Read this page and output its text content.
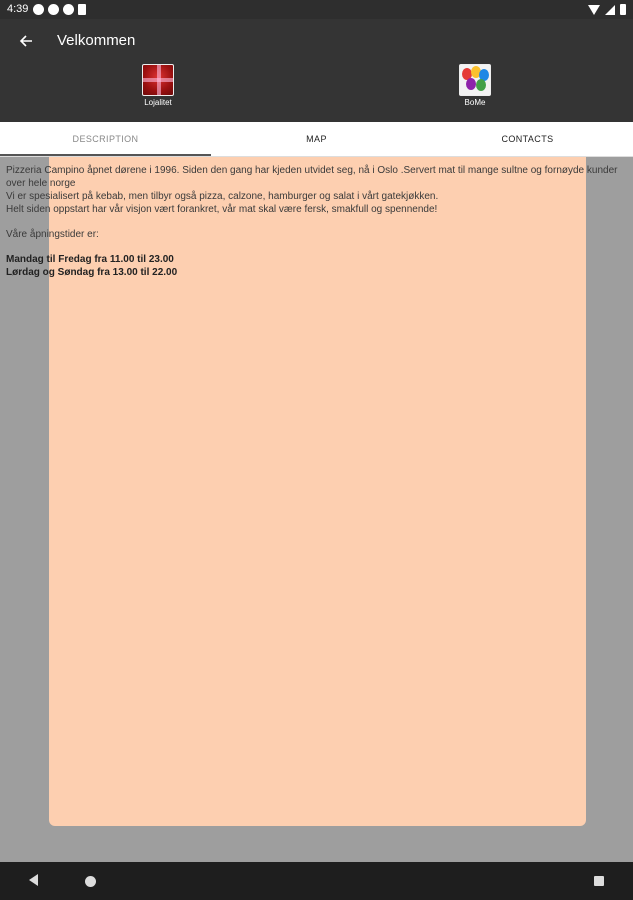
4:39
Velkommen
Lojalitet	BoMe
DESCRIPTION	MAP	CONTACTS

Pizzeria Campino åpnet dørene i 1996. Siden den gang har kjeden utvidet seg, nå i Oslo .Servert mat til mange sultne og fornøyde kunder over hele norge

Vi er spesialisert på kebab, men tilbyr også pizza, calzone, hamburger og salat i vårt gatekjøkken.

Helt siden oppstart har vår visjon vært forankret, vår mat skal være fersk, smakfull og spennende!

Våre åpningstider er:

Mandag til Fredag fra 11.00 til 23.00

Lørdag og Søndag fra 13.00 til 22.00
